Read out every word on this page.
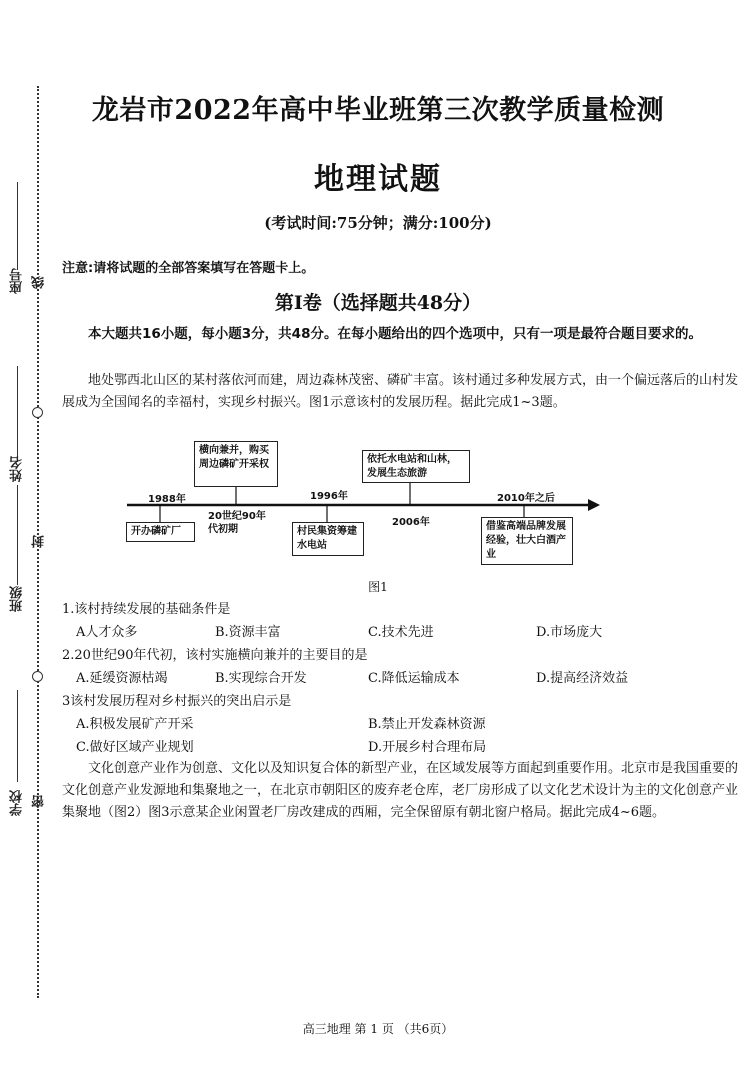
座号 线
姓名
封
班级
学校 密
龙岩市2022年高中毕业班第三次教学质量检测
地理试题
(考试时间:75分钟；满分:100分)
注意:请将试题的全部答案填写在答题卡上。
第Ⅰ卷（选择题共48分）

本大题共16小题，每小题3分，共48分。在每小题给出的四个选项中，只有一项是最符合题目要求的。

地处鄂西北山区的某村落依河而建，周边森林茂密、磷矿丰富。该村通过多种发展方式，由一个偏远落后的山村发展成为全国闻名的幸福村，实现乡村振兴。图1示意该村的发展历程。据此完成1~3题。

1988年
20世纪90年代初期
1996年
2006年
2010年之后
开办磷矿厂
横向兼并，购买周边磷矿开采权
村民集资筹建水电站
依托水电站和山林，发展生态旅游
借鉴高端品牌发展经验，壮大白酒产业
图1
1.该村持续发展的基础条件是
A人才众多	B.资源丰富	C.技术先进	D.市场庞大
2.20世纪90年代初，该村实施横向兼并的主要目的是
A.延缓资源枯竭	B.实现综合开发	C.降低运输成本	D.提高经济效益
3该村发展历程对乡村振兴的突出启示是
A.积极发展矿产开采	B.禁止开发森林资源
C.做好区域产业规划	D.开展乡村合理布局

文化创意产业作为创意、文化以及知识复合体的新型产业，在区域发展等方面起到重要作用。北京市是我国重要的文化创意产业发源地和集聚地之一，在北京市朝阳区的废弃老仓库，老厂房形成了以文化艺术设计为主的文化创意产业集聚地（图2）图3示意某企业闲置老厂房改建成的西厢，完全保留原有朝北窗户格局。据此完成4~6题。

高三地理 第 1 页 （共6页）
